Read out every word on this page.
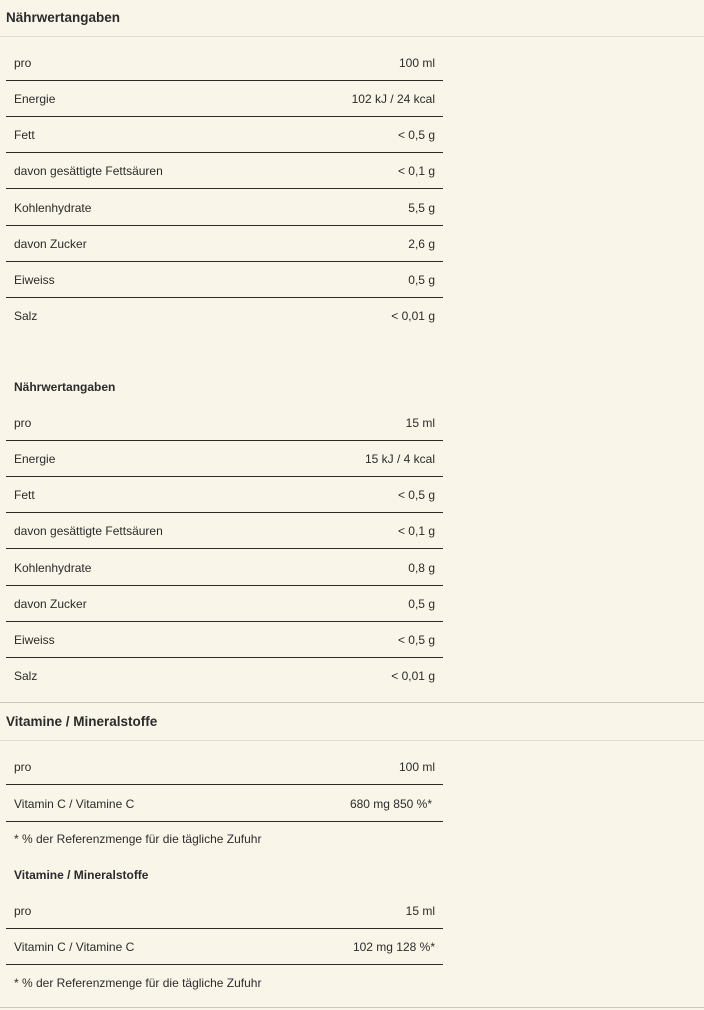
Nährwertangaben
pro	100 ml
Energie	102 kJ / 24 kcal
Fett	< 0,5 g
davon gesättigte Fettsäuren	< 0,1 g
Kohlenhydrate	5,5 g
davon Zucker	2,6 g
Eiweiss	0,5 g
Salz	< 0,01 g
Nährwertangaben
pro	15 ml
Energie	15 kJ / 4 kcal
Fett	< 0,5 g
davon gesättigte Fettsäuren	< 0,1 g
Kohlenhydrate	0,8 g
davon Zucker	0,5 g
Eiweiss	< 0,5 g
Salz	< 0,01 g
Vitamine / Mineralstoffe
pro	100 ml
Vitamin C / Vitamine C	680 mg 850 %*
* % der Referenzmenge für die tägliche Zufuhr
Vitamine / Mineralstoffe
pro	15 ml
Vitamin C / Vitamine C	102 mg 128 %*
* % der Referenzmenge für die tägliche Zufuhr
